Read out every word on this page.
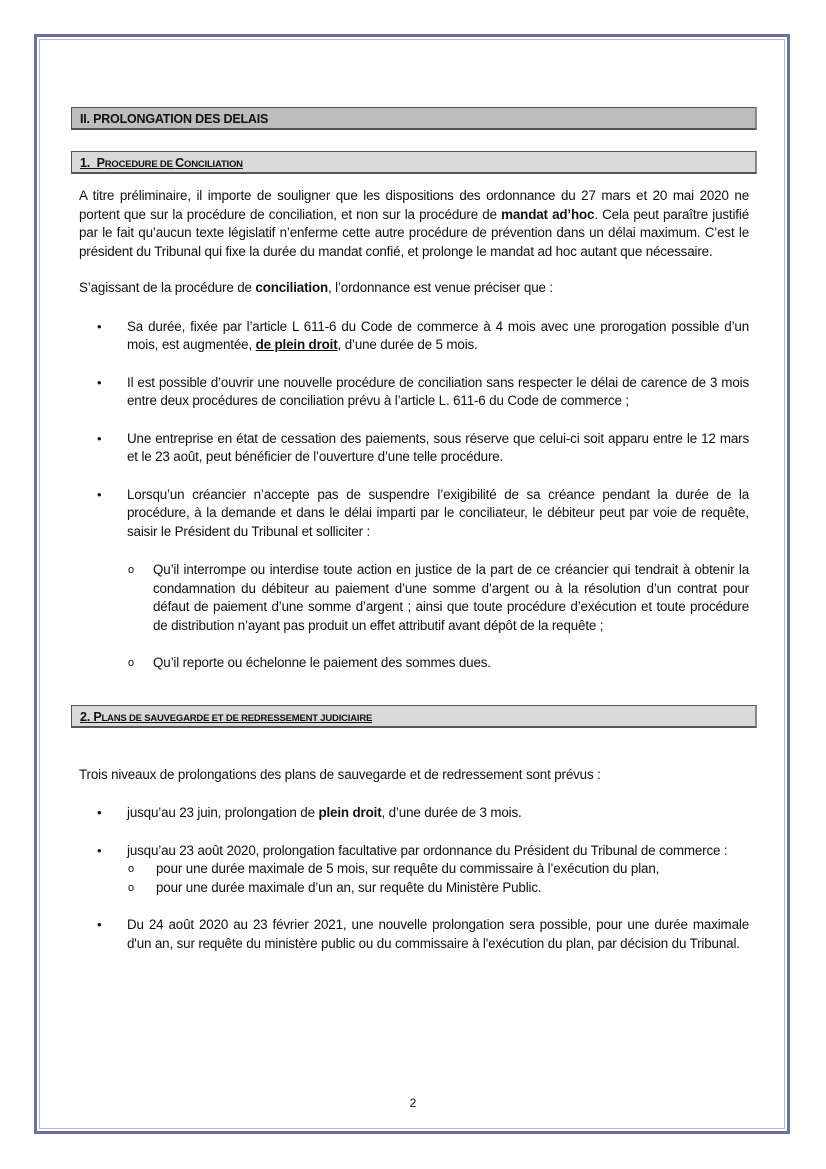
II. PROLONGATION DES DELAIS
1. PROCEDURE DE CONCILIATION

A titre préliminaire, il importe de souligner que les dispositions des ordonnance du 27 mars et 20 mai 2020 ne portent que sur la procédure de conciliation, et non sur la procédure de mandat ad’hoc. Cela peut paraître justifié par le fait qu’aucun texte législatif n’enferme cette autre procédure de prévention dans un délai maximum. C’est le président du Tribunal qui fixe la durée du mandat confié, et prolonge le mandat ad hoc autant que nécessaire.

S’agissant de la procédure de conciliation, l’ordonnance est venue préciser que :

• Sa durée, fixée par l’article L 611-6 du Code de commerce à 4 mois avec une prorogation possible d’un mois, est augmentée, de plein droit, d’une durée de 5 mois.

• Il est possible d’ouvrir une nouvelle procédure de conciliation sans respecter le délai de carence de 3 mois entre deux procédures de conciliation prévu à l’article L. 611-6 du Code de commerce ;

• Une entreprise en état de cessation des paiements, sous réserve que celui-ci soit apparu entre le 12 mars et le 23 août, peut bénéficier de l’ouverture d’une telle procédure.

• Lorsqu’un créancier n’accepte pas de suspendre l’exigibilité de sa créance pendant la durée de la procédure, à la demande et dans le délai imparti par le conciliateur, le débiteur peut par voie de requête, saisir le Président du Tribunal et solliciter :

o Qu’il interrompe ou interdise toute action en justice de la part de ce créancier qui tendrait à obtenir la condamnation du débiteur au paiement d’une somme d’argent ou à la résolution d’un contrat pour défaut de paiement d’une somme d’argent ; ainsi que toute procédure d’exécution et toute procédure de distribution n’ayant pas produit un effet attributif avant dépôt de la requête ;

o Qu’il reporte ou échelonne le paiement des sommes dues.

2. PLANS DE SAUVEGARDE ET DE REDRESSEMENT JUDICIAIRE

Trois niveaux de prolongations des plans de sauvegarde et de redressement sont prévus :

• jusqu’au 23 juin, prolongation de plein droit, d’une durée de 3 mois.

• jusqu’au 23 août 2020, prolongation facultative par ordonnance du Président du Tribunal de commerce :

o pour une durée maximale de 5 mois, sur requête du commissaire à l’exécution du plan,

o pour une durée maximale d’un an, sur requête du Ministère Public.

• Du 24 août 2020 au 23 février 2021, une nouvelle prolongation sera possible, pour une durée maximale d'un an, sur requête du ministère public ou du commissaire à l'exécution du plan, par décision du Tribunal.

2
